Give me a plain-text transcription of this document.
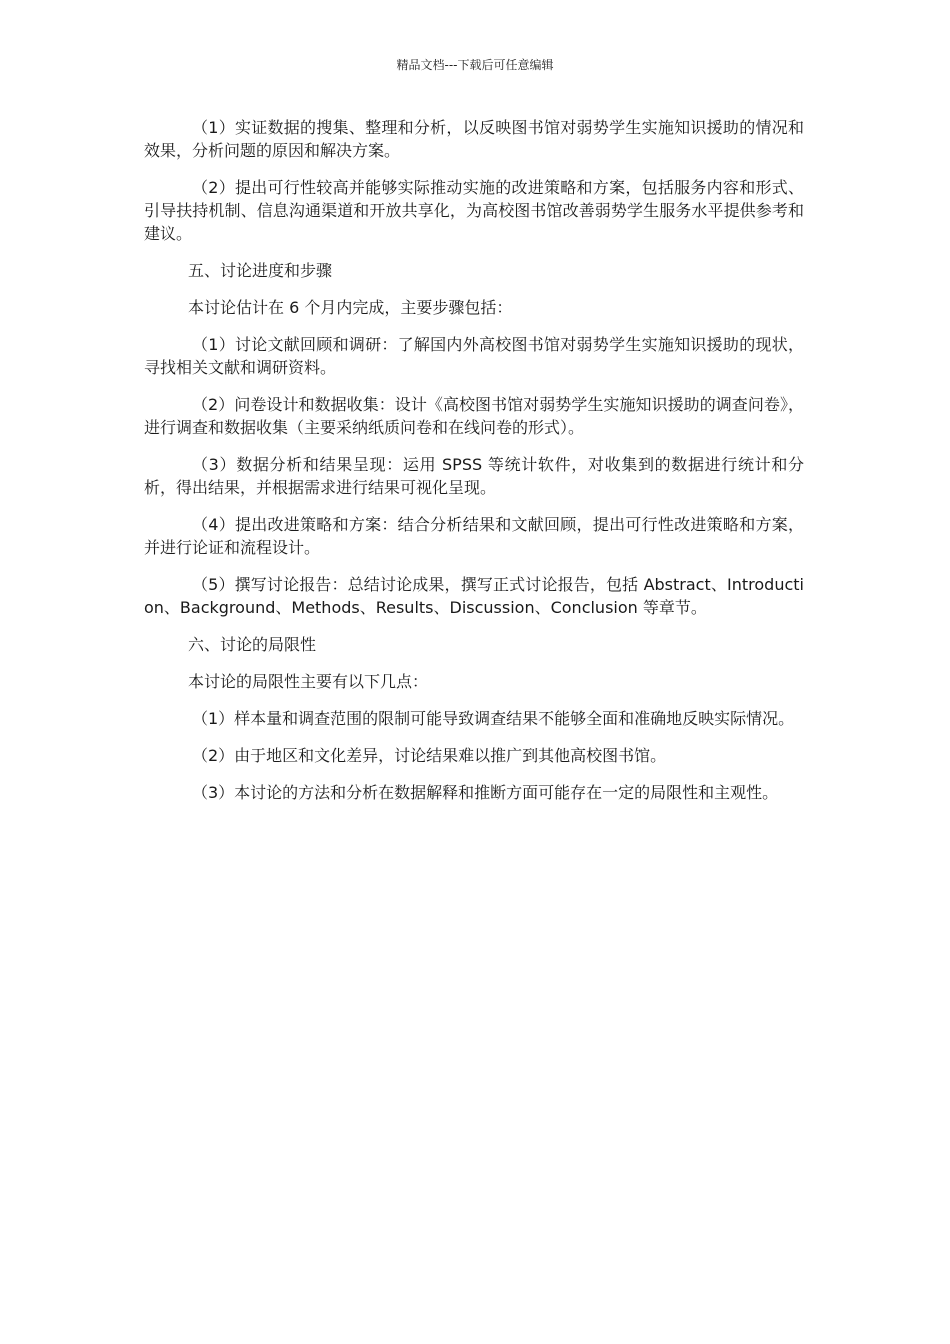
精品文档---下载后可任意编辑

（1）实证数据的搜集、整理和分析，以反映图书馆对弱势学生实施知识援助的情况和效果，分析问题的原因和解决方案。

（2）提出可行性较高并能够实际推动实施的改进策略和方案，包括服务内容和形式、引导扶持机制、信息沟通渠道和开放共享化，为高校图书馆改善弱势学生服务水平提供参考和建议。

五、讨论进度和步骤

本讨论估计在 6 个月内完成，主要步骤包括：

（1）讨论文献回顾和调研：了解国内外高校图书馆对弱势学生实施知识援助的现状，寻找相关文献和调研资料。

（2）问卷设计和数据收集：设计《高校图书馆对弱势学生实施知识援助的调查问卷》，进行调查和数据收集（主要采纳纸质问卷和在线问卷的形式）。

（3）数据分析和结果呈现：运用 SPSS 等统计软件，对收集到的数据进行统计和分析，得出结果，并根据需求进行结果可视化呈现。

（4）提出改进策略和方案：结合分析结果和文献回顾，提出可行性改进策略和方案，并进行论证和流程设计。

（5）撰写讨论报告：总结讨论成果，撰写正式讨论报告，包括 Abstract、Introduction、Background、Methods、Results、Discussion、Conclusion 等章节。

六、讨论的局限性

本讨论的局限性主要有以下几点：

（1）样本量和调查范围的限制可能导致调查结果不能够全面和准确地反映实际情况。

（2）由于地区和文化差异，讨论结果难以推广到其他高校图书馆。

（3）本讨论的方法和分析在数据解释和推断方面可能存在一定的局限性和主观性。
